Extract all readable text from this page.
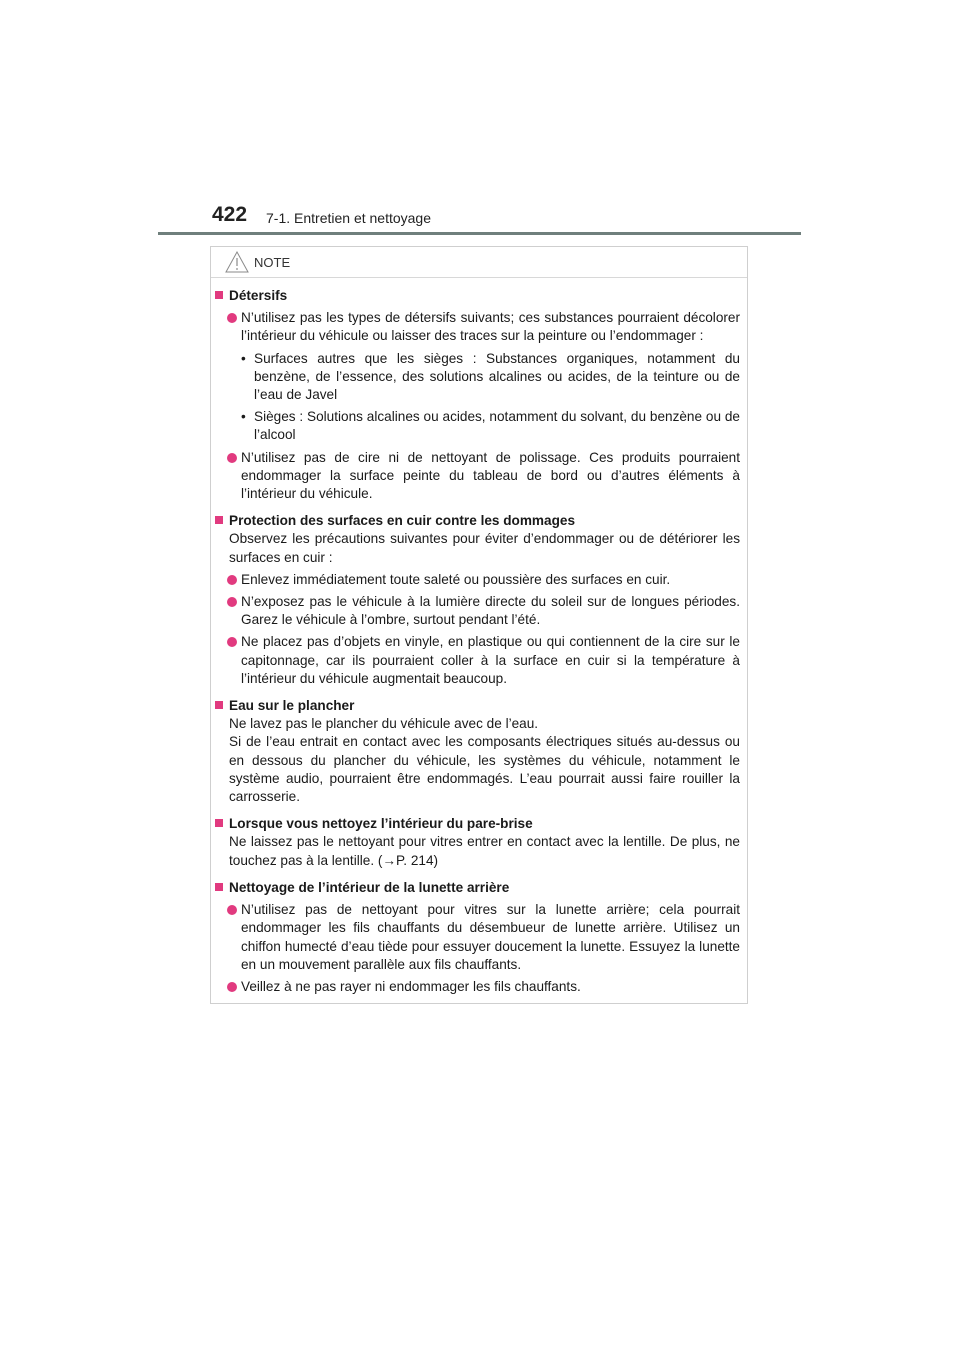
422 7-1. Entretien et nettoyage
NOTE
Détersifs
N’utilisez pas les types de détersifs suivants; ces substances pourraient décolorer l’intérieur du véhicule ou laisser des traces sur la peinture ou l’endommager :
• Surfaces autres que les sièges : Substances organiques, notamment du benzène, de l’essence, des solutions alcalines ou acides, de la teinture ou de l’eau de Javel
• Sièges : Solutions alcalines ou acides, notamment du solvant, du benzène ou de l’alcool
N’utilisez pas de cire ni de nettoyant de polissage. Ces produits pourraient endommager la surface peinte du tableau de bord ou d’autres éléments à l’intérieur du véhicule.
Protection des surfaces en cuir contre les dommages
Observez les précautions suivantes pour éviter d’endommager ou de détériorer les surfaces en cuir :
Enlevez immédiatement toute saleté ou poussière des surfaces en cuir.
N’exposez pas le véhicule à la lumière directe du soleil sur de longues périodes. Garez le véhicule à l’ombre, surtout pendant l’été.
Ne placez pas d’objets en vinyle, en plastique ou qui contiennent de la cire sur le capitonnage, car ils pourraient coller à la surface en cuir si la température à l’intérieur du véhicule augmentait beaucoup.
Eau sur le plancher
Ne lavez pas le plancher du véhicule avec de l’eau.
Si de l’eau entrait en contact avec les composants électriques situés au-dessus ou en dessous du plancher du véhicule, les systèmes du véhicule, notamment le système audio, pourraient être endommagés. L’eau pourrait aussi faire rouiller la carrosserie.
Lorsque vous nettoyez l’intérieur du pare-brise
Ne laissez pas le nettoyant pour vitres entrer en contact avec la lentille. De plus, ne touchez pas à la lentille. (→P. 214)
Nettoyage de l’intérieur de la lunette arrière
N’utilisez pas de nettoyant pour vitres sur la lunette arrière; cela pourrait endommager les fils chauffants du désembueur de lunette arrière. Utilisez un chiffon humecté d’eau tiède pour essuyer doucement la lunette. Essuyez la lunette en un mouvement parallèle aux fils chauffants.
Veillez à ne pas rayer ni endommager les fils chauffants.
